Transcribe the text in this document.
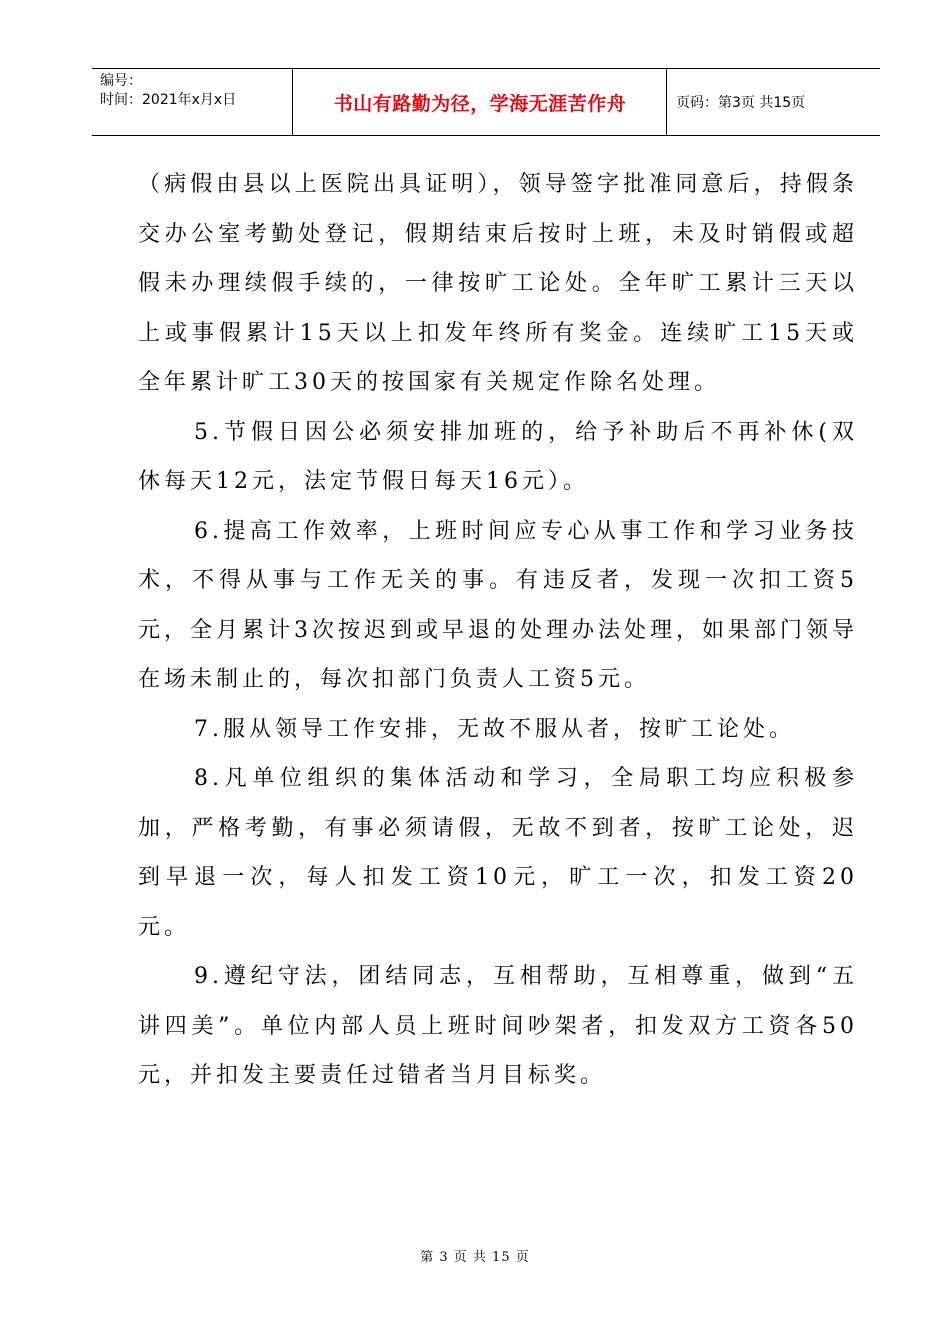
编号：
时间：2021年x月x日	书山有路勤为径，学海无涯苦作舟	页码：第3页 共15页

（病假由县以上医院出具证明），领导签字批准同意后，持假条交办公室考勤处登记，假期结束后按时上班，未及时销假或超假未办理续假手续的，一律按旷工论处。全年旷工累计三天以上或事假累计15天以上扣发年终所有奖金。连续旷工15天或全年累计旷工30天的按国家有关规定作除名处理。

5.节假日因公必须安排加班的，给予补助后不再补休(双休每天12元，法定节假日每天16元）。

6.提高工作效率，上班时间应专心从事工作和学习业务技术，不得从事与工作无关的事。有违反者，发现一次扣工资5元，全月累计3次按迟到或早退的处理办法处理，如果部门领导在场未制止的，每次扣部门负责人工资5元。

7.服从领导工作安排，无故不服从者，按旷工论处。

8.凡单位组织的集体活动和学习，全局职工均应积极参加，严格考勤，有事必须请假，无故不到者，按旷工论处，迟到早退一次，每人扣发工资10元，旷工一次，扣发工资20元。

9.遵纪守法，团结同志，互相帮助，互相尊重，做到“五讲四美”。单位内部人员上班时间吵架者，扣发双方工资各50元，并扣发主要责任过错者当月目标奖。

第 3 页 共 15 页
